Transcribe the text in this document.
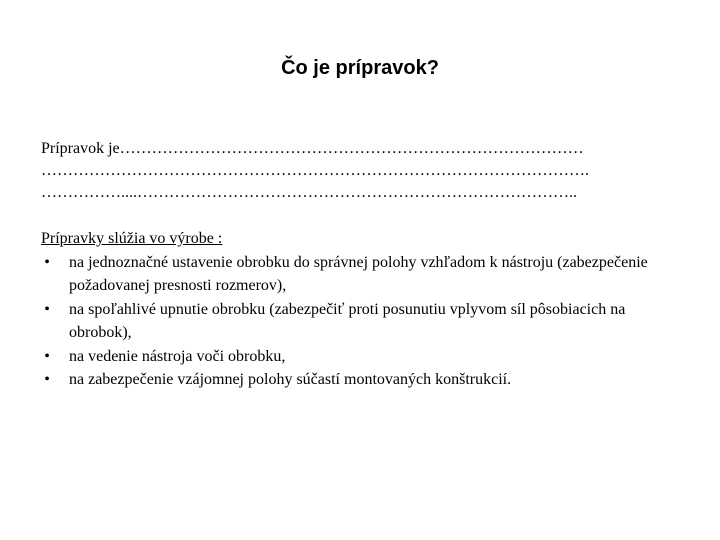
Čo je prípravok?
Prípravok je……………………………………………………………………………
………………………………………………………………………………………….
……………....………………………………………………………………………..
Prípravky slúžia vo výrobe :
• na jednoznačné ustavenie obrobku do správnej polohy vzhľadom k nástroju (zabezpečenie požadovanej presnosti rozmerov),
• na spoľahlivé upnutie obrobku (zabezpečiť proti posunutiu vplyvom síl pôsobiacich na obrobok),
• na vedenie nástroja voči obrobku,
• na zabezpečenie vzájomnej polohy súčastí montovaných konštrukcií.
